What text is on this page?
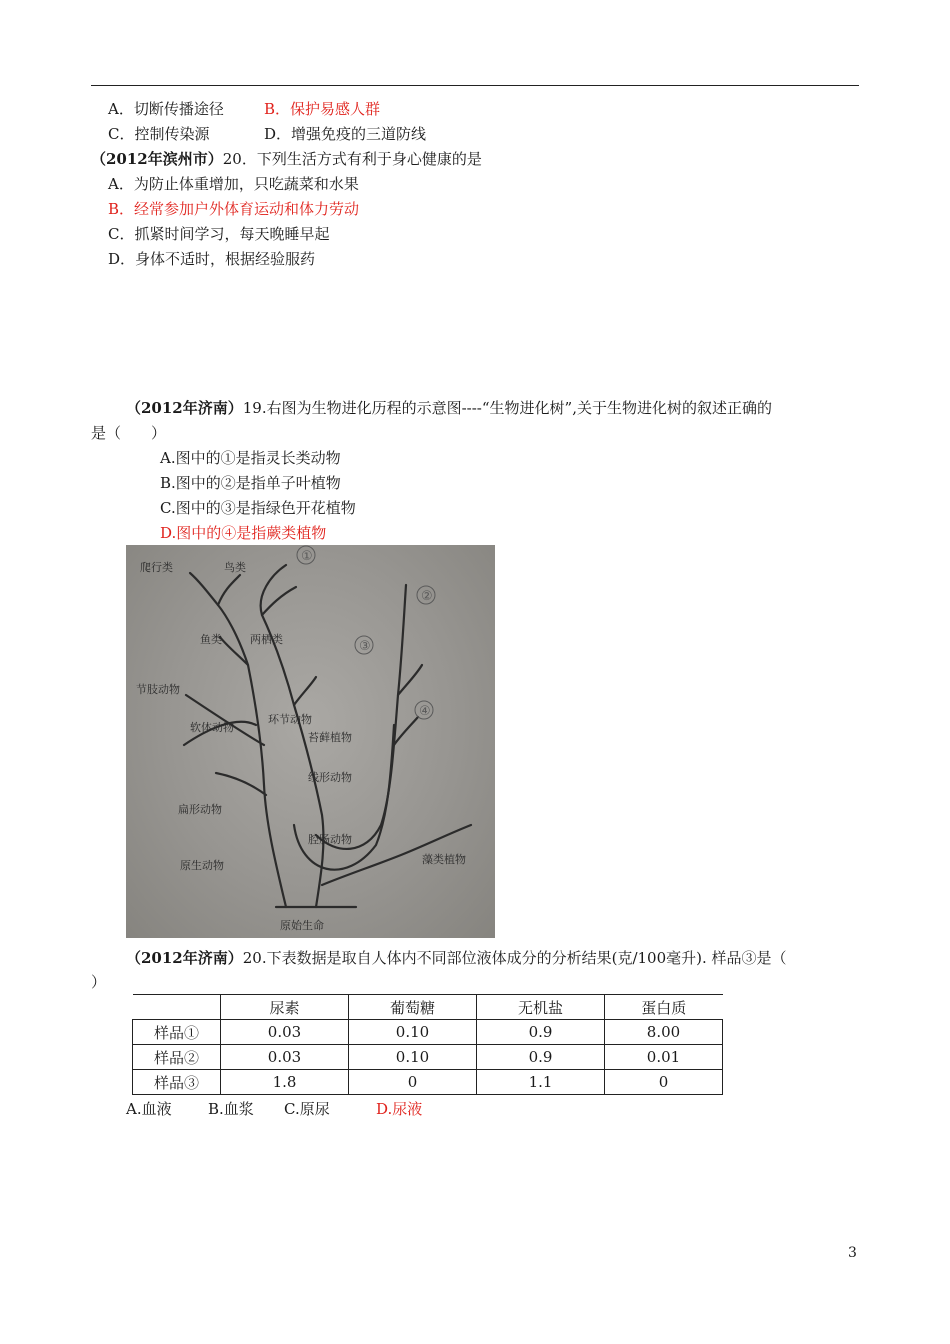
A．切断传播途径	B．保护易感人群
C．控制传染源	D．增强免疫的三道防线
（2012年滨州市）20．下列生活方式有利于身心健康的是
A．为防止体重增加，只吃蔬菜和水果
B．经常参加户外体育运动和体力劳动
C．抓紧时间学习，每天晚睡早起
D．身体不适时，根据经验服药
（2012年济南）19.右图为生物进化历程的示意图----“生物进化树”,关于生物进化树的叙述正确的
是（　　）
A.图中的①是指灵长类动物
B.图中的②是指单子叶植物
C.图中的③是指绿色开花植物
D.图中的④是指蕨类植物
①
②
③
④
爬行类	鸟类
鱼类	两栖类
节肢动物
软体动物
环节动物
线形动物
扁形动物
原生动物
腔肠动物
苔藓植物
藻类植物
原始生命
（2012年济南）20.下表数据是取自人体内不同部位液体成分的分析结果(克/100毫升). 样品③是（
）
	尿素	葡萄糖	无机盐	蛋白质
样品①	0.03	0.10	0.9	8.00
样品②	0.03	0.10	0.9	0.01
样品③	1.8	0	1.1	0
A.血液 B.血浆 C.原尿	D.尿液
3
